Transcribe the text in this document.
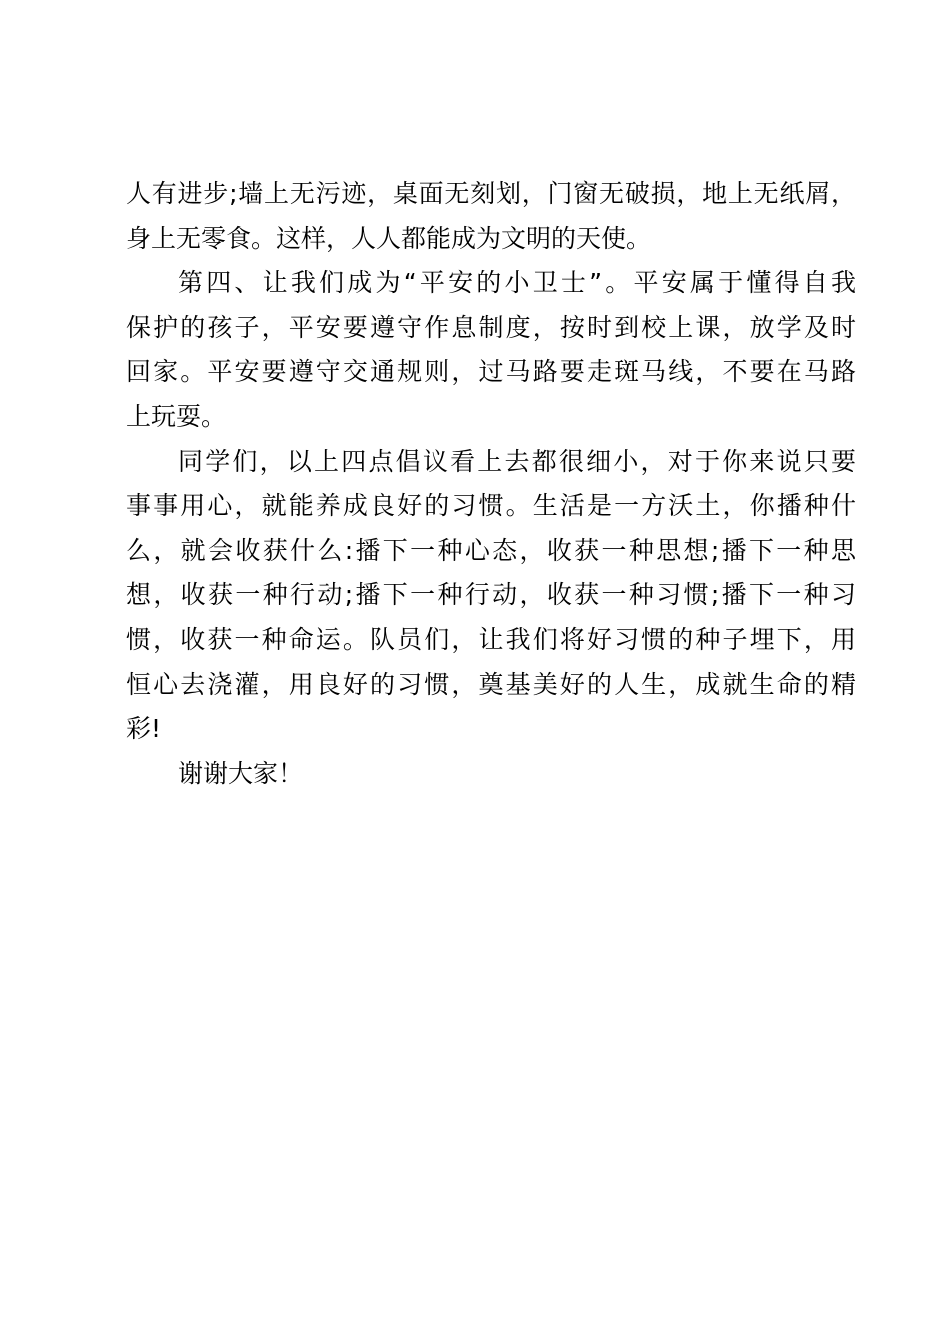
人有进步;墙上无污迹，桌面无刻划，门窗无破损，地上无纸屑，
身上无零食。这样，人人都能成为文明的天使。
第四、让我们成为“平安的小卫士”。平安属于懂得自我
保护的孩子，平安要遵守作息制度，按时到校上课，放学及时
回家。平安要遵守交通规则，过马路要走斑马线，不要在马路
上玩耍。
同学们，以上四点倡议看上去都很细小，对于你来说只要
事事用心，就能养成良好的习惯。生活是一方沃土，你播种什
么，就会收获什么:播下一种心态，收获一种思想;播下一种思
想，收获一种行动;播下一种行动，收获一种习惯;播下一种习
惯，收获一种命运。队员们，让我们将好习惯的种子埋下，用
恒心去浇灌，用良好的习惯，奠基美好的人生，成就生命的精
彩!
谢谢大家！
